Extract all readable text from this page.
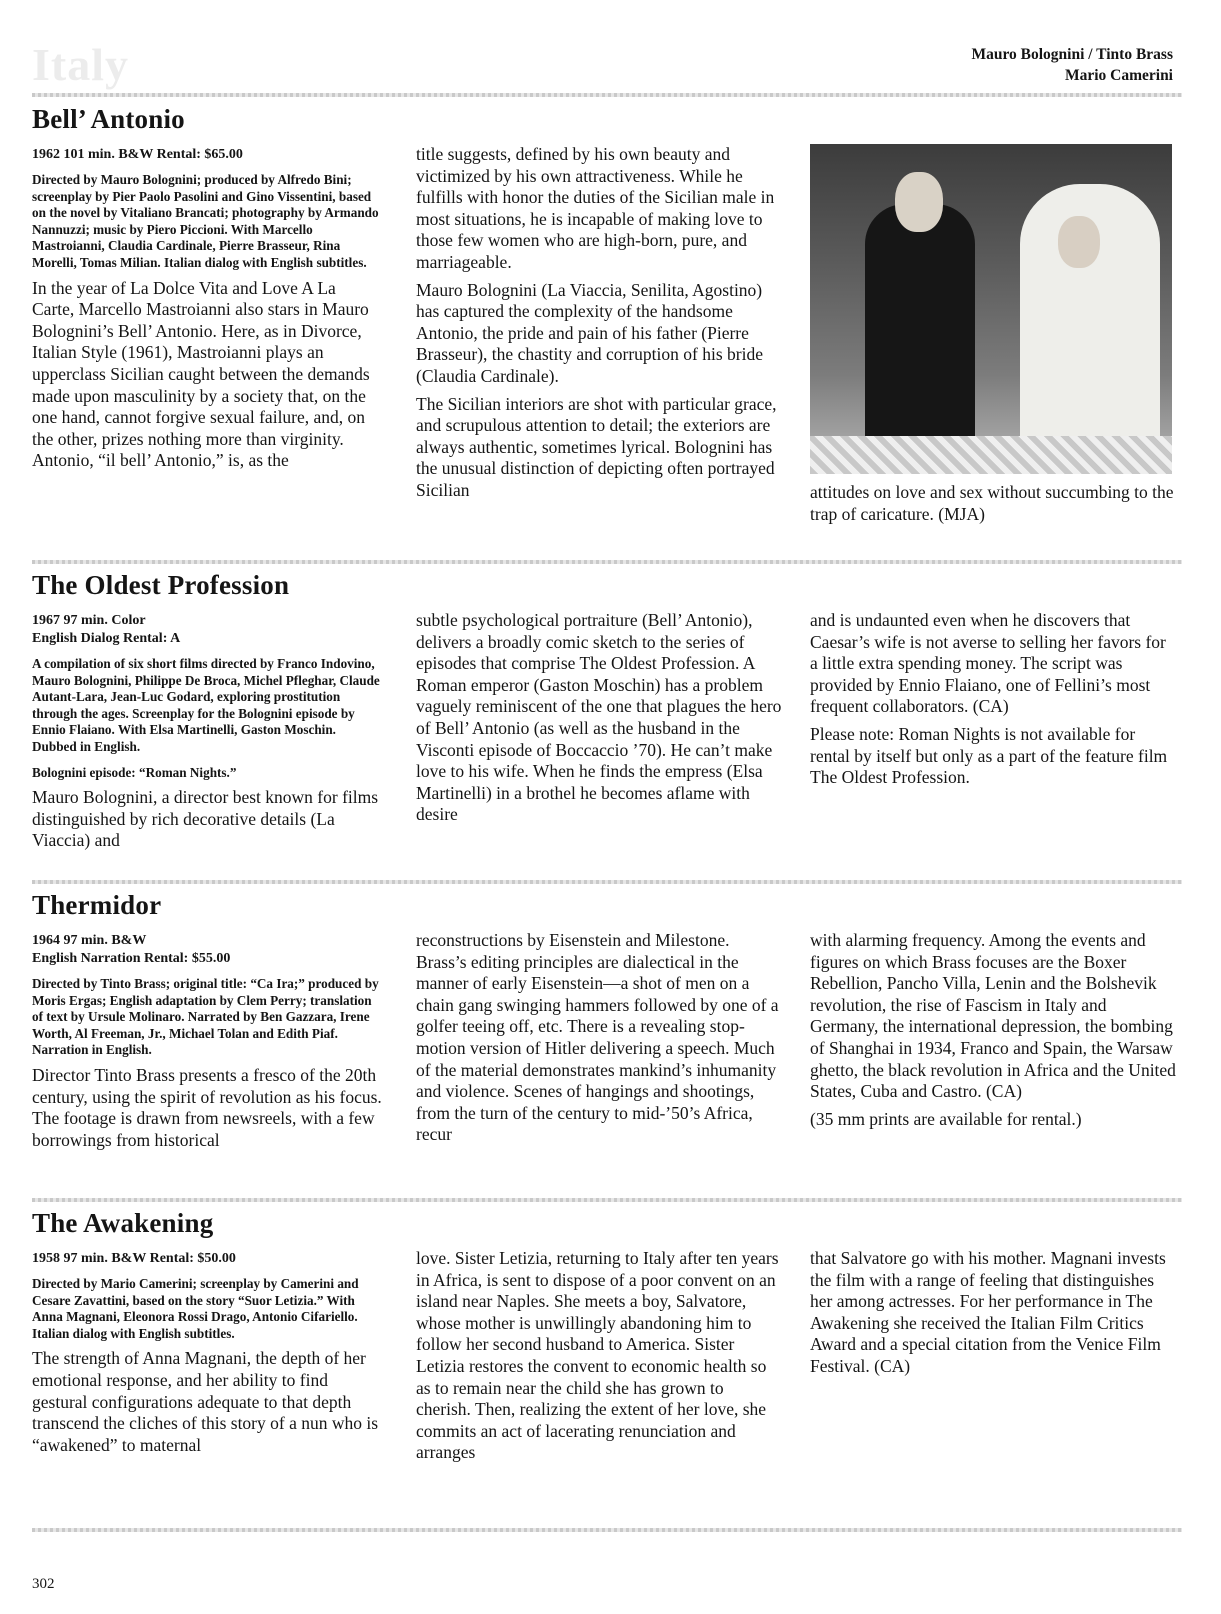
Italy	Mauro Bolognini / Tinto Brass
Mario Camerini
Bell’ Antonio
1962 101 min. B&W Rental: $65.00
Directed by Mauro Bolognini; produced by Alfredo Bini; screenplay by Pier Paolo Pasolini and Gino Vissentini, based on the novel by Vitaliano Brancati; photography by Armando Nannuzzi; music by Piero Piccioni. With Marcello Mastroianni, Claudia Cardinale, Pierre Brasseur, Rina Morelli, Tomas Milian. Italian dialog with English subtitles.

In the year of La Dolce Vita and Love A La Carte, Marcello Mastroianni also stars in Mauro Bolognini’s Bell’ Antonio. Here, as in Divorce, Italian Style (1961), Mastroianni plays an upperclass Sicilian caught between the demands made upon masculinity by a society that, on the one hand, cannot forgive sexual failure, and, on the other, prizes nothing more than virginity. Antonio, “il bell’ Antonio,” is, as the

title suggests, defined by his own beauty and victimized by his own attractiveness. While he fulfills with honor the duties of the Sicilian male in most situations, he is incapable of making love to those few women who are high-born, pure, and marriageable.

Mauro Bolognini (La Viaccia, Senilita, Agostino) has captured the complexity of the handsome Antonio, the pride and pain of his father (Pierre Brasseur), the chastity and corruption of his bride (Claudia Cardinale).

The Sicilian interiors are shot with particular grace, and scrupulous attention to detail; the exteriors are always authentic, sometimes lyrical. Bolognini has the unusual distinction of depicting often portrayed Sicilian	attitudes on love and sex without succumbing to the trap of caricature. (MJA)

The Oldest Profession
1967 97 min. Color
English Dialog Rental: A
A compilation of six short films directed by Franco Indovino, Mauro Bolognini, Philippe De Broca, Michel Pfleghar, Claude Autant-Lara, Jean-Luc Godard, exploring prostitution through the ages. Screenplay for the Bolognini episode by Ennio Flaiano. With Elsa Martinelli, Gaston Moschin. Dubbed in English.
Bolognini episode: “Roman Nights.”

Mauro Bolognini, a director best known for films distinguished by rich decorative details (La Viaccia) and

subtle psychological portraiture (Bell’ Antonio), delivers a broadly comic sketch to the series of episodes that comprise The Oldest Profession. A Roman emperor (Gaston Moschin) has a problem vaguely reminiscent of the one that plagues the hero of Bell’ Antonio (as well as the husband in the Visconti episode of Boccaccio ’70). He can’t make love to his wife. When he finds the empress (Elsa Martinelli) in a brothel he becomes aflame with desire

and is undaunted even when he discovers that Caesar’s wife is not averse to selling her favors for a little extra spending money. The script was provided by Ennio Flaiano, one of Fellini’s most frequent collaborators. (CA)

Please note: Roman Nights is not available for rental by itself but only as a part of the feature film The Oldest Profession.

Thermidor
1964 97 min. B&W
English Narration Rental: $55.00
Directed by Tinto Brass; original title: “Ca Ira;” produced by Moris Ergas; English adaptation by Clem Perry; translation of text by Ursule Molinaro. Narrated by Ben Gazzara, Irene Worth, Al Freeman, Jr., Michael Tolan and Edith Piaf. Narration in English.

Director Tinto Brass presents a fresco of the 20th century, using the spirit of revolution as his focus. The footage is drawn from newsreels, with a few borrowings from historical

reconstructions by Eisenstein and Milestone. Brass’s editing principles are dialectical in the manner of early Eisenstein—a shot of men on a chain gang swinging hammers followed by one of a golfer teeing off, etc. There is a revealing stop-motion version of Hitler delivering a speech. Much of the material demonstrates mankind’s inhumanity and violence. Scenes of hangings and shootings, from the turn of the century to mid-’50’s Africa, recur

with alarming frequency. Among the events and figures on which Brass focuses are the Boxer Rebellion, Pancho Villa, Lenin and the Bolshevik revolution, the rise of Fascism in Italy and Germany, the international depression, the bombing of Shanghai in 1934, Franco and Spain, the Warsaw ghetto, the black revolution in Africa and the United States, Cuba and Castro. (CA)

(35 mm prints are available for rental.)

The Awakening
1958 97 min. B&W Rental: $50.00
Directed by Mario Camerini; screenplay by Camerini and Cesare Zavattini, based on the story “Suor Letizia.” With Anna Magnani, Eleonora Rossi Drago, Antonio Cifariello. Italian dialog with English subtitles.

The strength of Anna Magnani, the depth of her emotional response, and her ability to find gestural configurations adequate to that depth transcend the cliches of this story of a nun who is “awakened” to maternal

love. Sister Letizia, returning to Italy after ten years in Africa, is sent to dispose of a poor convent on an island near Naples. She meets a boy, Salvatore, whose mother is unwillingly abandoning him to follow her second husband to America. Sister Letizia restores the convent to economic health so as to remain near the child she has grown to cherish. Then, realizing the extent of her love, she commits an act of lacerating renunciation and arranges

that Salvatore go with his mother. Magnani invests the film with a range of feeling that distinguishes her among actresses. For her performance in The Awakening she received the Italian Film Critics Award and a special citation from the Venice Film Festival. (CA)

302
